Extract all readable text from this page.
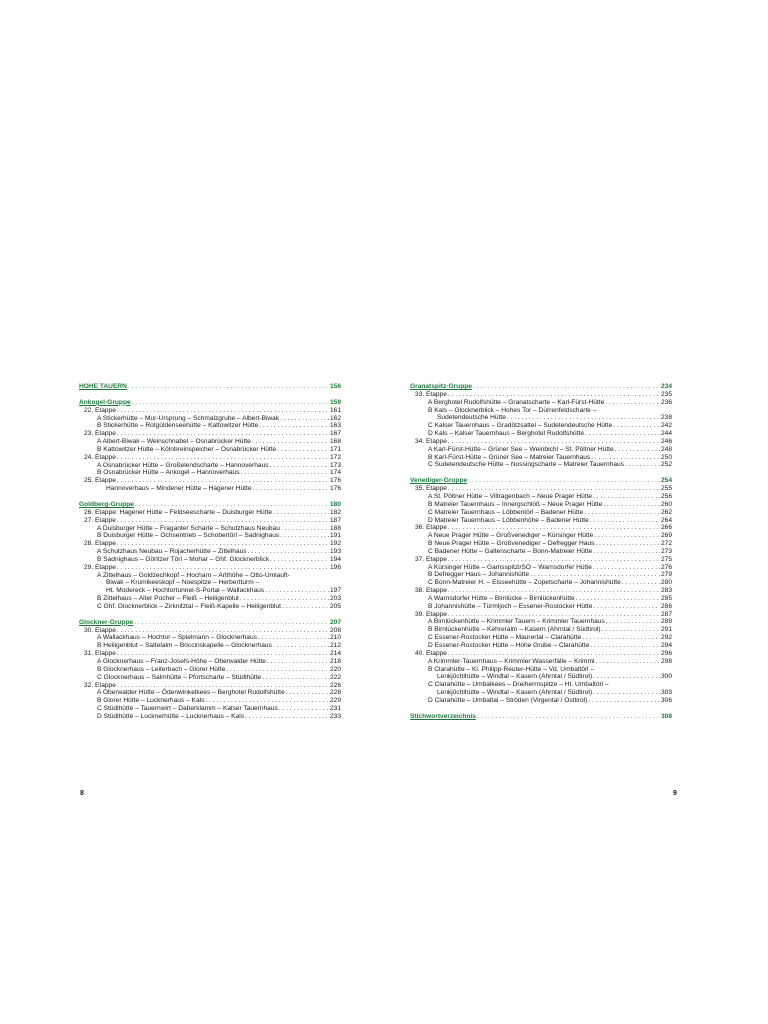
HOHE TAUERN . . .	156
Ankogel-Gruppe . . .	159
22. Etappe . . .	161
A Stickerhütte – Mur-Ursprung – Schmalzgrube – Albert-Biwak . . .	162
B Stickerhütte – Rotgüldenseehütte – Kattowitzer Hütte . . .	163
23. Etappe . . .	167
A Albert-Biwak – Weinschnabel – Osnabrücker Hütte . . .	168
B Kattowitzer Hütte – Kölnbreinspeicher – Osnabrücker Hütte . . .	171
24. Etappe . . .	172
A Osnabrücker Hütte – Großelendscharte – Hannoverhaus . . .	173
B Osnabrücker Hütte – Ankogel – Hannoverhaus . . .	174
25. Etappe . . .	176
Hannoverhaus – Mindener Hütte – Hagener Hütte . . .	176
Goldberg-Gruppe . . .	180
26. Etappe: Hagener Hütte – Feldseescharte – Duisburger Hütte . . .	182
27. Etappe . . .	187
A Duisburger Hütte – Fraganter Scharte – Schutzhaus Neubau . . .	188
B Duisburger Hütte – Ochsentrieb – Schobertörl – Sadnighaus . . .	191
28. Etappe . . .	192
A Schutzhaus Neubau – Rojacherhütte – Zittelhaus . . .	193
B Sadnighaus – Göritzer Törl – Mohar – Ghf. Glocknerblick . . .	194
29. Etappe . . .	196
A Zittelhaus – Goldzechkopf – Hocharn – Arlthöhe – Otto-Umlauft-
Biwak – Krumlkeeskopf – Noespitze – Herbertturm –
Ht. Modereck – Hochtortunnel-S-Portal – Wallackhaus . . .	197
B Zittelhaus – Alter Pocher – Fleiß – Heiligenblut . . .	203
C Ghf. Glocknerblick – Zirknitztal – Fleiß-Kapelle – Heiligenblut . . .	205
Glockner-Gruppe . . .	207
30. Etappe . . .	208
A Wallackhaus – Hochtor – Spielmann – Glocknerhaus . . .	210
B Heiligenblut – Sattelalm – Briccinskapelle – Glocknerhaus . . .	212
31. Etappe . . .	214
A Glocknerhaus – Franz-Josefs-Höhe – Oberwalder Hütte . . .	218
B Glocknerhaus – Leiterbach – Glorer Hütte . . .	220
C Glocknerhaus – Salmhütte – Pfortscharte – Stüdlhütte . . .	222
32. Etappe . . .	226
A Oberwalder Hütte – Ödenwinkelkees – Berghotel Rudolfshütte . . .	228
B Glorer Hütte – Lucknerhaus – Kals . . .	229
C Stüdlhütte – Tauernwirt – Daberklamm – Kalser Tauernhaus . . .	231
D Stüdlhütte – Lucknerhütte – Lucknerhaus – Kals . . .	233
Granatspitz-Gruppe . . .	234
33. Etappe . . .	235
A Berghotel Rudolfshütte – Granatscharte – Karl-Fürst-Hütte . . .	236
B Kals – Glocknerblick – Hohes Tor – Dürrenfeldscharte –
Sudetendeutsche Hütte . . .	238
C Kalser Tauernhaus – Gradötzsattel – Sudetendeutsche Hütte . . .	242
D Kals – Kalser Tauernhaus – Berghotel Rudolfshütte . . .	244
34. Etappe . . .	246
A Karl-Fürst-Hütte – Grüner See – Weinbichl – St. Pöltner Hütte . . .	248
B Karl-Fürst-Hütte – Grüner See – Matreier Tauernhaus . . .	250
C Sudetendeutsche Hütte – Nussingscharte – Matreier Tauernhaus . . .	252
Venediger-Gruppe . . .	254
35. Etappe . . .	255
A St. Pöltner Hütte – Viltragenbach – Neue Prager Hütte . . .	256
B Matreier Tauernhaus – Innergschlöß – Neue Prager Hütte . . .	260
C Matreier Tauernhaus – Löbbentörl – Badener Hütte . . .	262
D Matreier Tauernhaus – Löbbenhöhe – Badener Hütte . . .	264
36. Etappe . . .	266
A Neue Prager Hütte – Großvenediger – Kürsinger Hütte . . .	269
B Neue Prager Hütte – Großvenediger – Defregger Haus . . .	272
C Badener Hütte – Galtenscharte – Bonn-Matreier Hütte . . .	273
37. Etappe . . .	275
A Kürsinger Hütte – Gamsspitzl/SO – Warnsdorfer Hütte . . .	276
B Defregger Haus – Johannishütte . . .	279
C Bonn-Matreier H. – Eisseehütte – Zopetscharte – Johannishütte . . .	280
38. Etappe . . .	283
A Warnsdorfer Hütte – Birnlücke – Birnlückenhütte . . .	285
B Johannishütte – Türmljoch – Essener-Rostocker Hütte . . .	286
39. Etappe . . .	287
A Birnlückenhütte – Krimmler Tauern – Krimmler Tauernhaus . . .	289
B Birnlückenhütte – Kehreralm – Kasern (Ahrntal / Südtirol) . . .	291
C Essener-Rostocker Hütte – Maurertal – Clarahütte . . .	292
D Essener-Rostocker Hütte – Hohe Grube – Clarahütte . . .	294
40. Etappe . . .	296
A Krimmler-Tauernhaus – Krimmler Wasserfälle – Krimml . . .	298
B Clarahütte – Kl. Philipp-Reuter-Hütte – Vd. Umbaltörl –
Lenkjöchlhütte – Windtal – Kasern (Ahrntal / Südtirol) . . .	300
C Clarahütte – Umbalkees – Dreiherrnspitze – Ht. Umbaltörl –
Lenkjöchlhütte – Windtal – Kasern (Ahrntal / Südtirol) . . .	303
D Clarahütte – Umbaltal – Ströden (Virgental / Osttirol) . . .	306
Stichwortverzeichnis . . .	308
8	9
